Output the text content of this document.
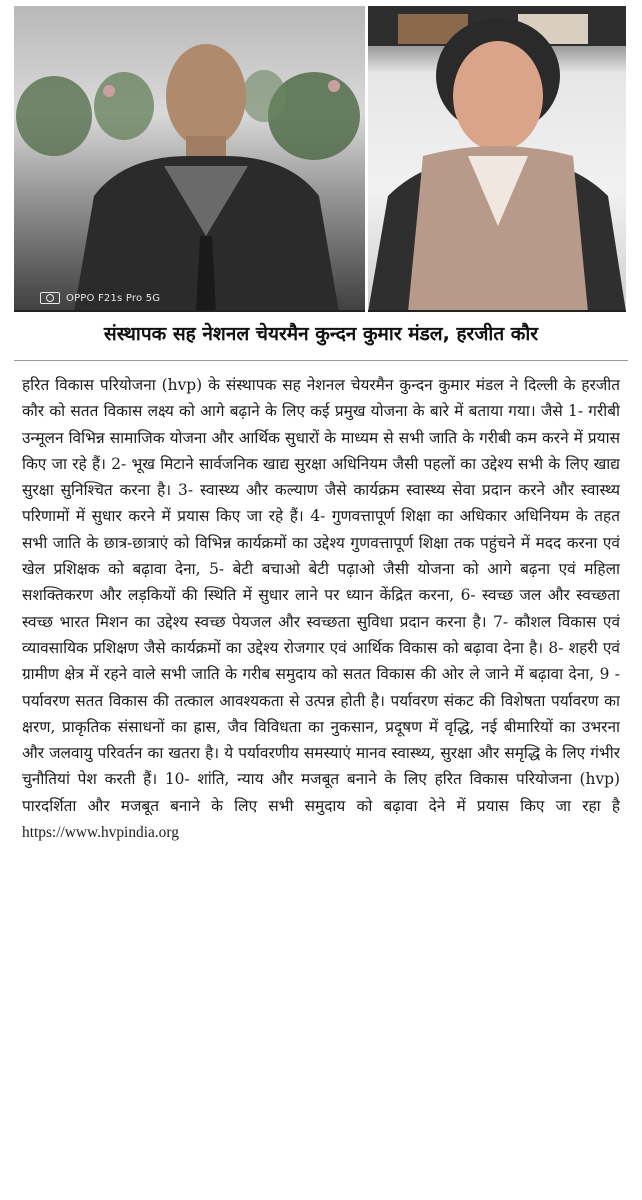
OPPO F21s Pro 5G
संस्थापक सह नेशनल चेयरमैन कुन्दन कुमार मंडल, हरजीत कौर
हरित विकास परियोजना (hvp) के संस्थापक सह नेशनल चेयरमैन कुन्दन कुमार मंडल ने दिल्ली के हरजीत कौर को सतत विकास लक्ष्य को आगे बढ़ाने के लिए कई प्रमुख योजना के बारे में बताया गया। जैसे 1- गरीबी उन्मूलन विभिन्न सामाजिक योजना और आर्थिक सुधारों के माध्यम से सभी जाति के गरीबी कम करने में प्रयास किए जा रहे हैं। 2- भूख मिटाने सार्वजनिक खाद्य सुरक्षा अधिनियम जैसी पहलों का उद्देश्य सभी के लिए खाद्य सुरक्षा सुनिश्चित करना है। 3- स्वास्थ्य और कल्याण जैसे कार्यक्रम स्वास्थ्य सेवा प्रदान करने और स्वास्थ्य परिणामों में सुधार करने में प्रयास किए जा रहे हैं। 4- गुणवत्तापूर्ण शिक्षा का अधिकार अधिनियम के तहत सभी जाति के छात्र-छात्राएं को विभिन्न कार्यक्रमों का उद्देश्य गुणवत्तापूर्ण शिक्षा तक पहुंचने में मदद करना एवं खेल प्रशिक्षक को बढ़ावा देना, 5- बेटी बचाओ बेटी पढ़ाओ जैसी योजना को आगे बढ़ना एवं महिला सशक्तिकरण और लड़कियों की स्थिति में सुधार लाने पर ध्यान केंद्रित करना, 6- स्वच्छ जल और स्वच्छता स्वच्छ भारत मिशन का उद्देश्य स्वच्छ पेयजल और स्वच्छता सुविधा प्रदान करना है। 7- कौशल विकास एवं व्यावसायिक प्रशिक्षण जैसे कार्यक्रमों का उद्देश्य रोजगार एवं आर्थिक विकास को बढ़ावा देना है। 8- शहरी एवं ग्रामीण क्षेत्र में रहने वाले सभी जाति के गरीब समुदाय को सतत विकास की ओर ले जाने में बढ़ावा देना, 9 - पर्यावरण सतत विकास की तत्काल आवश्यकता से उत्पन्न होती है। पर्यावरण संकट की विशेषता पर्यावरण का क्षरण, प्राकृतिक संसाधनों का ह्रास, जैव विविधता का नुकसान, प्रदूषण में वृद्धि, नई बीमारियों का उभरना और जलवायु परिवर्तन का खतरा है। ये पर्यावरणीय समस्याएं मानव स्वास्थ्य, सुरक्षा और समृद्धि के लिए गंभीर चुनौतियां पेश करती हैं। 10- शांति, न्याय और मजबूत बनाने के लिए हरित विकास परियोजना (hvp) पारदर्शिता और मजबूत बनाने के लिए सभी समुदाय को बढ़ावा देने में प्रयास किए जा रहा है https://www.hvpindia.org
